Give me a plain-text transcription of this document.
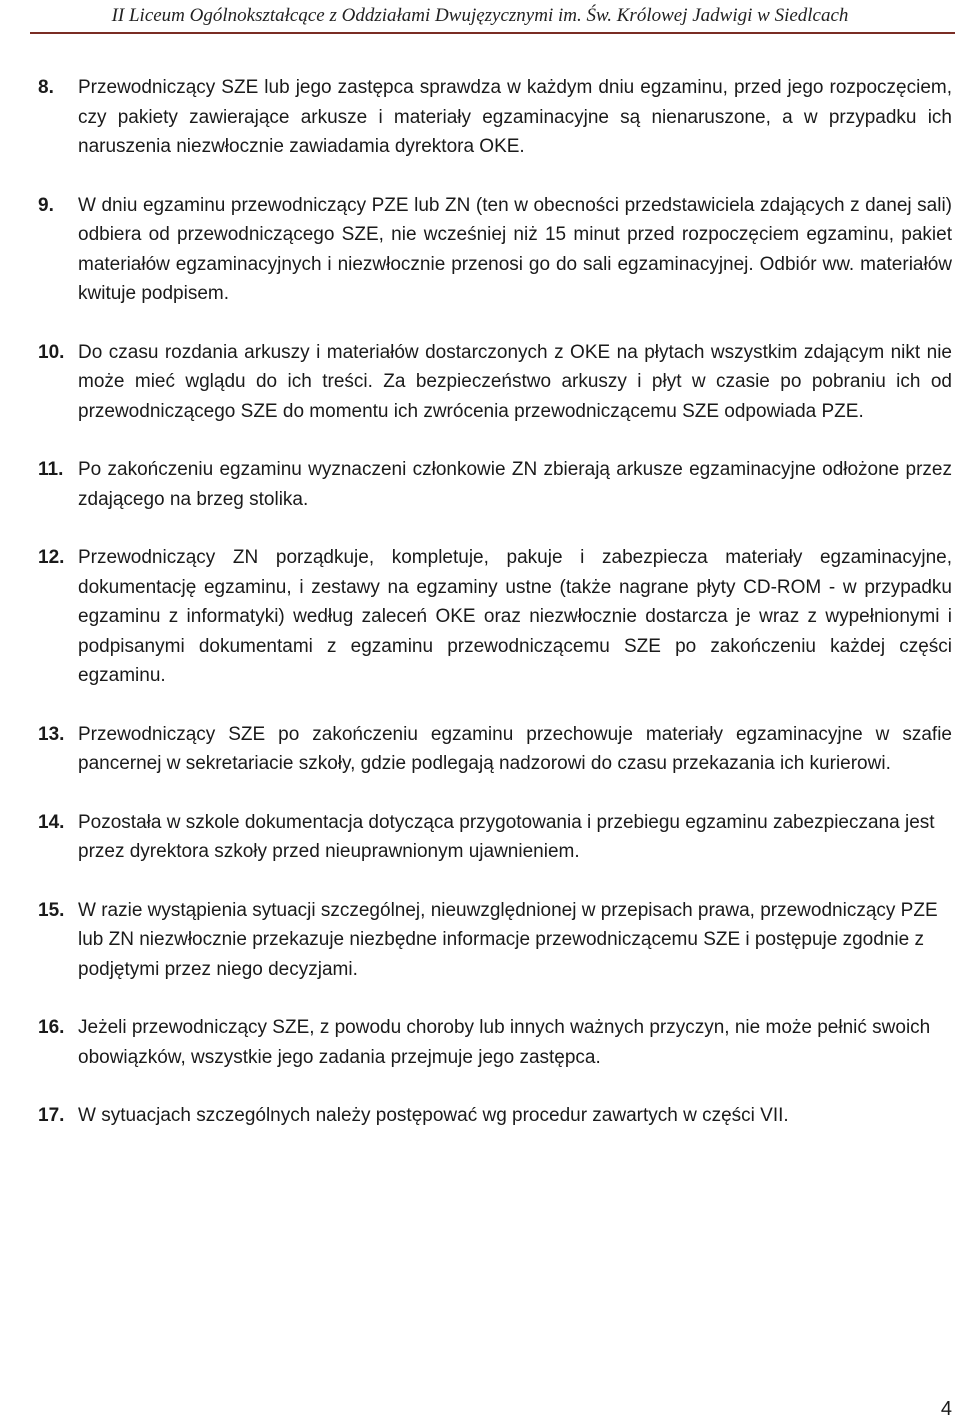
II Liceum Ogólnokształcące z Oddziałami Dwujęzycznymi im. Św. Królowej Jadwigi w Siedlcach
8. Przewodniczący SZE lub jego zastępca sprawdza w każdym dniu egzaminu, przed jego rozpoczęciem, czy pakiety zawierające arkusze i materiały egzaminacyjne są nienaruszone, a w przypadku ich naruszenia niezwłocznie zawiadamia dyrektora OKE.
9. W dniu egzaminu przewodniczący PZE lub ZN (ten w obecności przedstawiciela zdających z danej sali) odbiera od przewodniczącego SZE, nie wcześniej niż 15 minut przed rozpoczęciem egzaminu, pakiet materiałów egzaminacyjnych i niezwłocznie przenosi go do sali egzaminacyjnej. Odbiór ww. materiałów kwituje podpisem.
10. Do czasu rozdania arkuszy i materiałów dostarczonych z OKE na płytach wszystkim zdającym nikt nie może mieć wglądu do ich treści. Za bezpieczeństwo arkuszy i płyt w czasie po pobraniu ich od przewodniczącego SZE do momentu ich zwrócenia przewodniczącemu SZE odpowiada PZE.
11. Po zakończeniu egzaminu wyznaczeni członkowie ZN zbierają arkusze egzaminacyjne odłożone przez zdającego na brzeg stolika.
12. Przewodniczący ZN porządkuje, kompletuje, pakuje i zabezpiecza materiały egzaminacyjne, dokumentację egzaminu, i zestawy na egzaminy ustne (także nagrane płyty CD-ROM - w przypadku egzaminu z informatyki) według zaleceń OKE oraz niezwłocznie dostarcza je wraz z wypełnionymi i podpisanymi dokumentami z egzaminu przewodniczącemu SZE po zakończeniu każdej części egzaminu.
13. Przewodniczący SZE po zakończeniu egzaminu przechowuje materiały egzaminacyjne w szafie pancernej w sekretariacie szkoły, gdzie podlegają nadzorowi do czasu przekazania ich kurierowi.
14. Pozostała w szkole dokumentacja dotycząca przygotowania i przebiegu egzaminu zabezpieczana jest przez dyrektora szkoły przed nieuprawnionym ujawnieniem.
15. W razie wystąpienia sytuacji szczególnej, nieuwzględnionej w przepisach prawa, przewodniczący PZE lub ZN niezwłocznie przekazuje niezbędne informacje przewodniczącemu SZE i postępuje zgodnie z podjętymi przez niego decyzjami.
16. Jeżeli przewodniczący SZE, z powodu choroby lub innych ważnych przyczyn, nie może pełnić swoich obowiązków, wszystkie jego zadania przejmuje jego zastępca.
17. W sytuacjach szczególnych należy postępować wg procedur zawartych w części VII.
4
